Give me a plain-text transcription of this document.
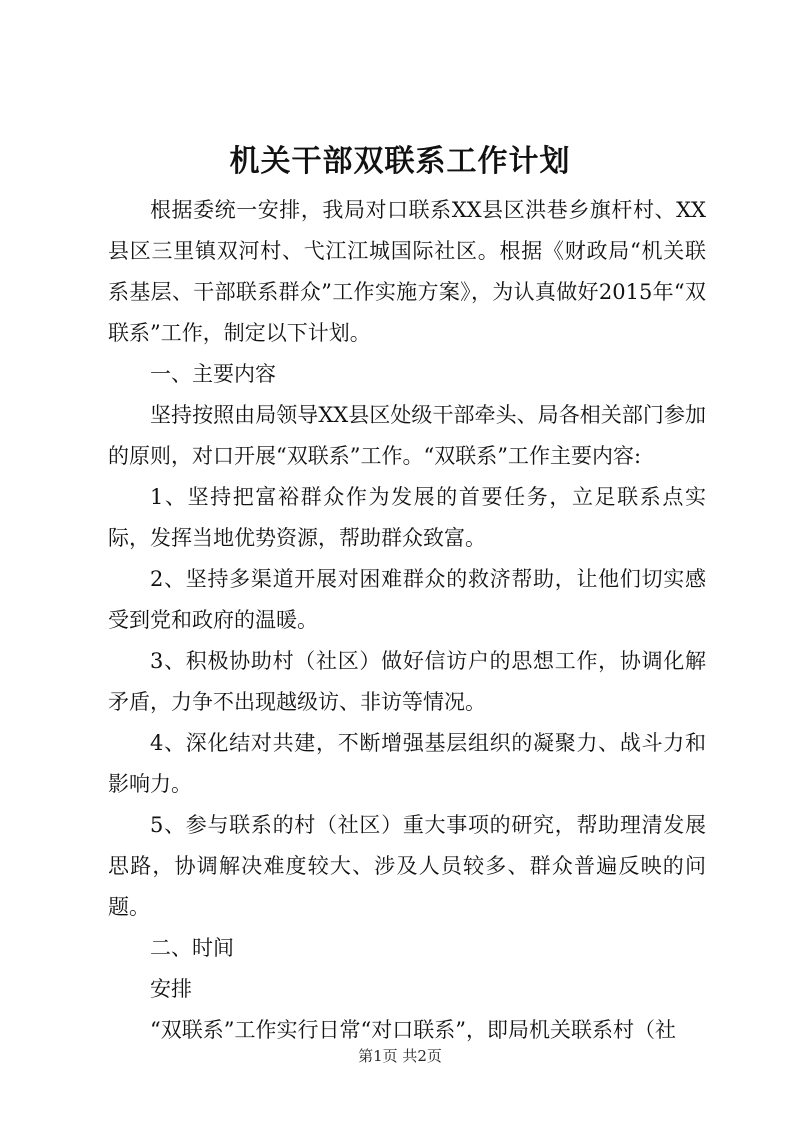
机关干部双联系工作计划

根据委统一安排，我局对口联系XX县区洪巷乡旗杆村、XX县区三里镇双河村、弋江江城国际社区。根据《财政局“机关联系基层、干部联系群众”工作实施方案》，为认真做好2015年“双联系”工作，制定以下计划。

一、主要内容

坚持按照由局领导XX县区处级干部牵头、局各相关部门参加的原则，对口开展“双联系”工作。“双联系”工作主要内容:

1、坚持把富裕群众作为发展的首要任务，立足联系点实际，发挥当地优势资源，帮助群众致富。

2、坚持多渠道开展对困难群众的救济帮助，让他们切实感受到党和政府的温暖。

3、积极协助村（社区）做好信访户的思想工作，协调化解矛盾，力争不出现越级访、非访等情况。

4、深化结对共建，不断增强基层组织的凝聚力、战斗力和影响力。

5、参与联系的村（社区）重大事项的研究，帮助理清发展思路，协调解决难度较大、涉及人员较多、群众普遍反映的问题。

二、时间

安排

“双联系”工作实行日常“对口联系”，即局机关联系村（社

第1页 共2页
